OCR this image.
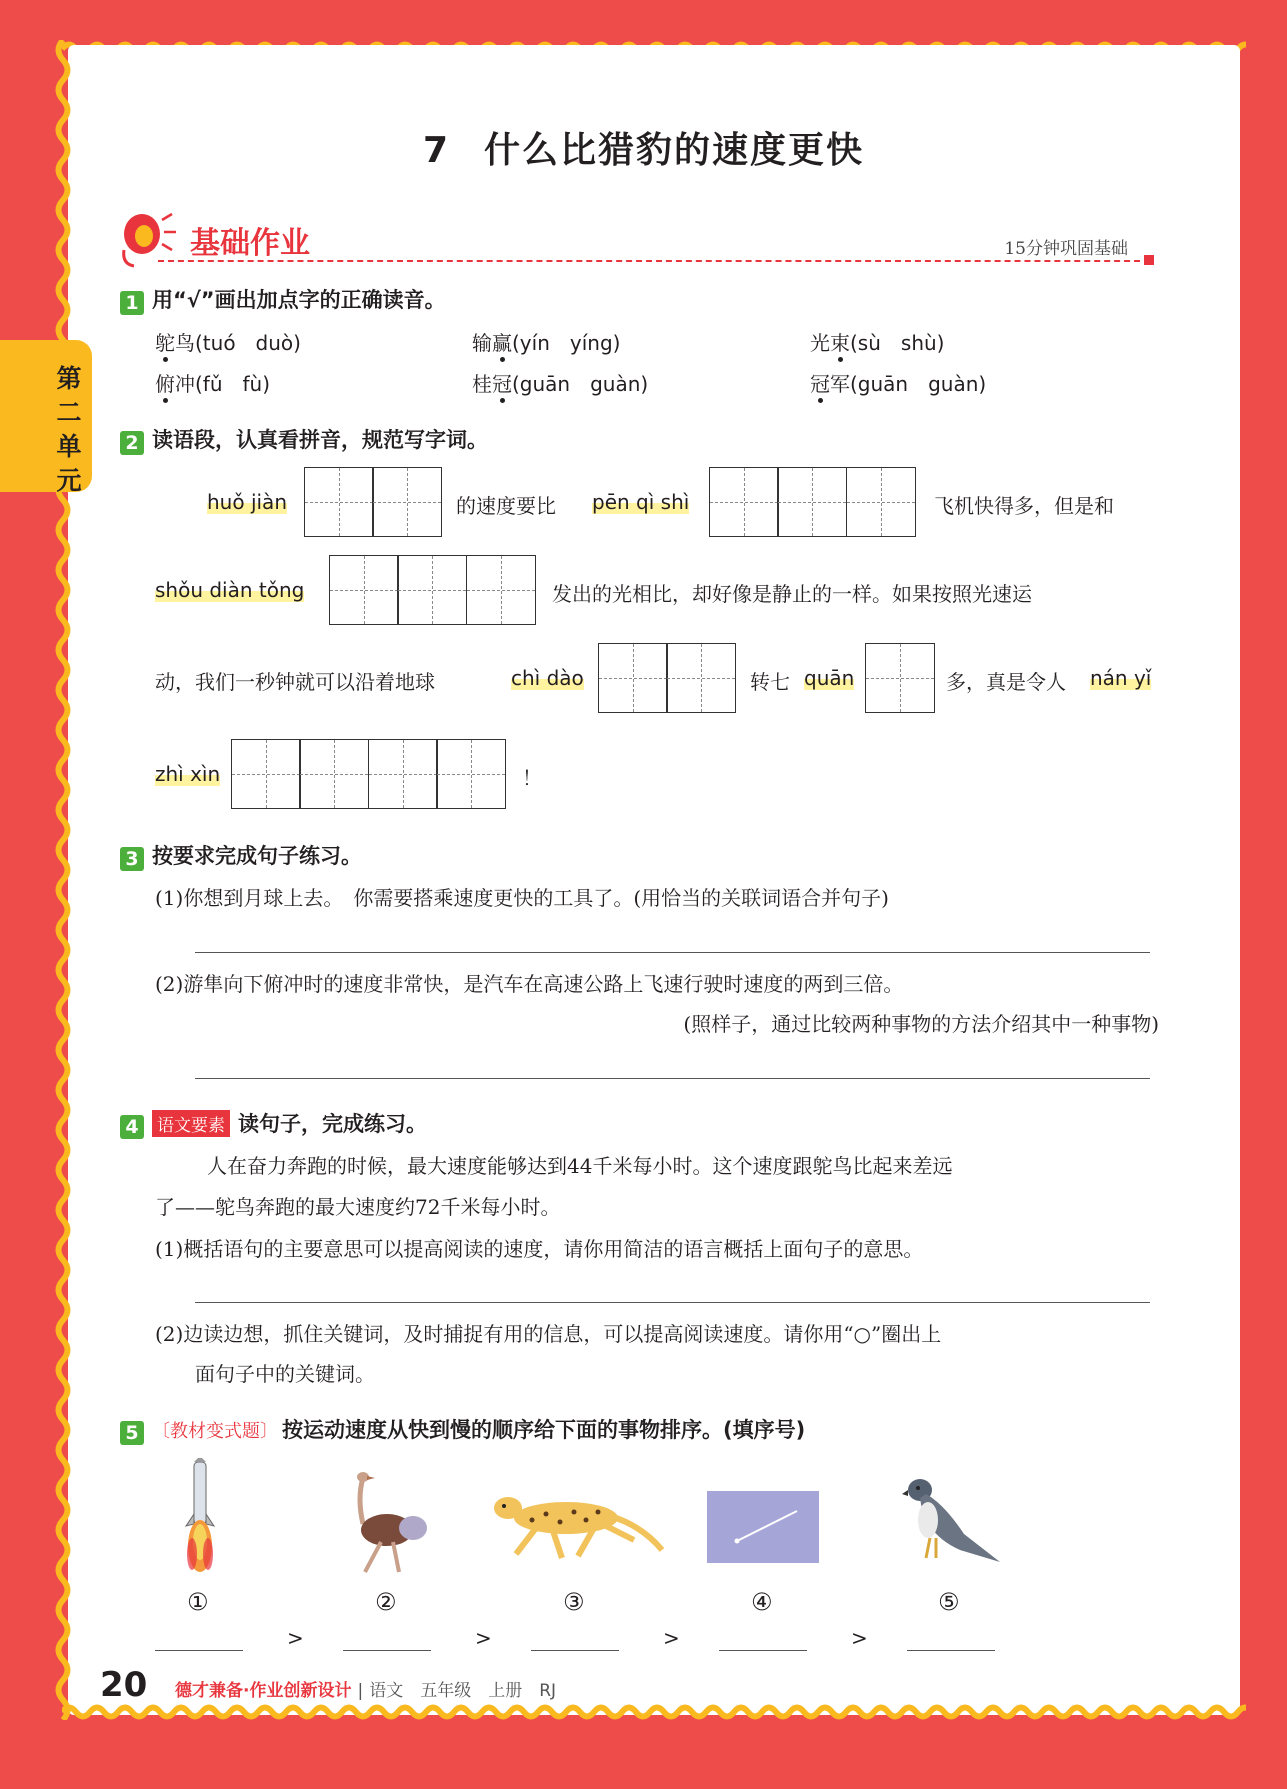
第二单元
7 什么比猎豹的速度更快
基础作业	15分钟巩固基础
1 用“√”画出加点字的正确读音。
鸵鸟(tuó　duò)	输赢(yín　yíng)	光束(sù　shù)
俯冲(fǔ　fù)	桂冠(guān　guàn)	冠军(guān　guàn)
2 读语段，认真看拼音，规范写字词。
huǒ jiàn	的速度要比 pēn qì shì	飞机快得多，但是和
shǒu diàn tǒng	发出的光相比，却好像是静止的一样。如果按照光速运
动，我们一秒钟就可以沿着地球	chì dào	转七 quān	多，真是令人 nán yǐ
zhì xìn	！
3 按要求完成句子练习。
(1)你想到月球上去。　你需要搭乘速度更快的工具了。(用恰当的关联词语合并句子)
(2)游隼向下俯冲时的速度非常快，是汽车在高速公路上飞速行驶时速度的两到三倍。
(照样子，通过比较两种事物的方法介绍其中一种事物)
4 语文要素 读句子，完成练习。
人在奋力奔跑的时候，最大速度能够达到44千米每小时。这个速度跟鸵鸟比起来差远
了——鸵鸟奔跑的最大速度约72千米每小时。
(1)概括语句的主要意思可以提高阅读的速度，请你用简洁的语言概括上面句子的意思。
(2)边读边想，抓住关键词，及时捕捉有用的信息，可以提高阅读速度。请你用“○”圈出上
面句子中的关键词。
5 〔教材变式题〕 按运动速度从快到慢的顺序给下面的事物排序。(填序号)
①	②	③	④	⑤
>	>	>	>
20 德才兼备·作业创新设计 | 语文　五年级　上册　RJ
